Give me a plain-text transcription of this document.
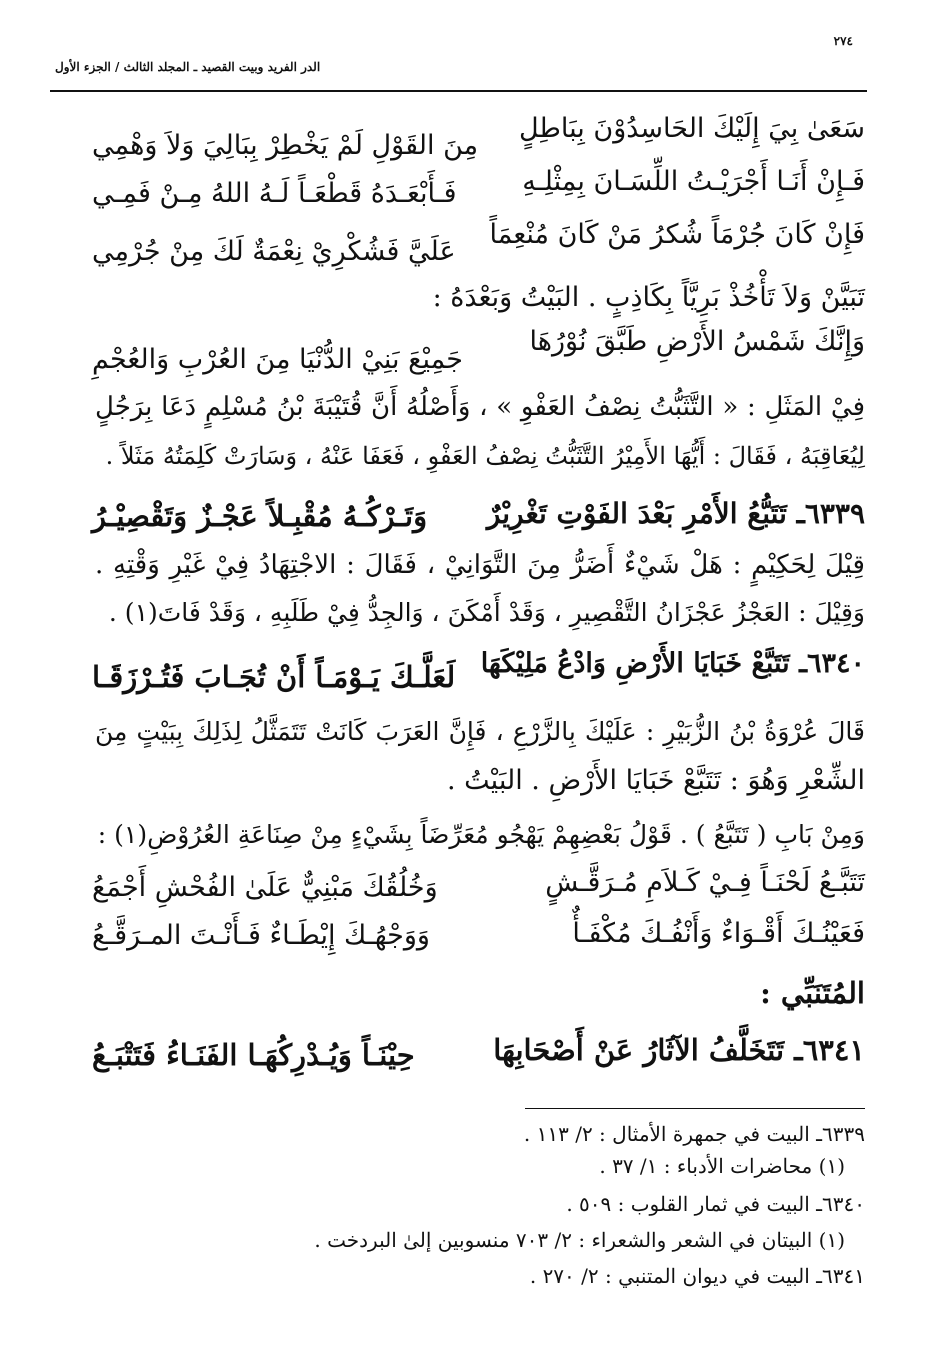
٢٧٤
الدر الفريد وبيت القصيد ـ المجلد الثالث / الجزء الأول
سَعَىٰ بِيَ إِلَيْكَ الحَاسِدُوْنَ بِبَاطِلٍ
مِنَ القَوْلِ لَمْ يَخْطِرْ بِبَالِيَ وَلاَ وَهْمِي
فَـإِنْ أَنَـا أَجْرَيْـتُ اللِّسَـانَ بِمِثْلِـهِ
فَـأَبْعَـدَهُ قَطْعَـاً لَـهُ اللهُ مِـنْ فَمِـي
فَإِنْ كَانَ جُرْمَاً شُكرُ مَنْ كَانَ مُنْعِمَاً
عَلَيَّ فَشُكْرِيْ نِعْمَةٌ لَكَ مِنْ جُرْمِي
تَبَيَّنْ وَلاَ تَأْخُذْ بَرِيَّاً بِكَاذِبٍ . البَيْتُ وَبَعْدَهُ :
وَإِنَّكَ شَمْسُ الأَرْضِ طَبَّقَ نُوْرُهَا
جَمِيْعَ بَنِيْ الدُّنْيَا مِنَ العُرْبِ وَالعُجْمِ
فِيْ المَثَلِ : « التَّثَبُّتُ نِصْفُ العَفْوِ » ، وَأَصْلُهُ أَنَّ قُتَيْبَةَ بْنُ مُسْلِمٍ دَعَا بِرَجُلٍ
لِيُعَاقِبَهُ ، فَقَالَ : أَيُّهَا الأَمِيْرُ التَّثَبُّتُ نِصْفُ العَفْوِ ، فَعَفَا عَنْهُ ، وَسَارَتْ كَلِمَتُهُ مَثَلاً .
٦٣٣٩ـ تَتَبُّعُ الأَمْرِ بَعْدَ الفَوْتِ تَغْرِيْرٌ
وَتَـرْكُـهُ مُقْبِـلاً عَجْـزٌ وَتَقْصِيْـرُ
قِيْلَ لِحَكِيْمٍ : هَلْ شَيْءٌ أَضَرُّ مِنَ التَّوَانِيْ ، فَقَالَ : الاجْتِهَادُ فِيْ غَيْرِ وَقْتِهِ .
وَقِيْلَ : العَجْزُ عَجْزَانُ التَّقْصِيرِ ، وَقَدْ أَمْكَنَ ، وَالجِدُّ فِيْ طَلَبِهِ ، وَقَدْ فَاتَ(١) .
٦٣٤٠ـ تَتَبَّعْ خَبَايَا الأَرْضِ وَادْعُ مَلِيْكَهَا
لَعَلَّـكَ يَـوْمَـاً أَنْ تُجَـابَ فَتُـرْزَقَـا
قَالَ عُرْوَةُ بْنُ الزُّبَيْرِ : عَلَيْكَ بِالزَّرْعِ ، فَإِنَّ العَرَبَ كَانَتْ تَتَمَثَّلُ لِذَلِكَ بِبَيْتٍ مِنَ
الشِّعْرِ وَهُوَ : تَتَبَّعْ خَبَايَا الأَرْضِ . البَيْتُ .
وَمِنْ بَابِ ( تَتَبَّعُ ) . قَوْلُ بَعْضِهِمْ يَهْجُو مُعَرِّضَاً بِشَيْءٍ مِنْ صِنَاعَةِ العُرُوْضِ(١) :
تَتَبَّـعُ لَحْنَـاً فِـيْ كَـلاَمِ مُـرَقَّـشٍ
وَخُلُقُكَ مَبْنِيٌّ عَلَىٰ الفُحْشِ أَجْمَعُ
فَعَيْنُـكَ أَقْـوَاءٌ وَأَنْفُـكَ مُكْفَـأٌ
وَوَجْهُـكَ إِيْطَـاءٌ فَـأَنْـتَ المـرَقَّـعُ
المُتَنَبِّي :
٦٣٤١ـ تَتَخَلَّفُ الآثَارُ عَنْ أَصْحَابِهَا
حِيْنَـاً وَيُـدْرِكُهَـا الفَنَـاءُ فَتَتْبَـعُ
٦٣٣٩ـ البيت في جمهرة الأمثال : ٢/ ١١٣ .
(١) محاضرات الأدباء : ١/ ٣٧ .
٦٣٤٠ـ البيت في ثمار القلوب : ٥٠٩ .
(١) البيتان في الشعر والشعراء : ٢/ ٧٠٣ منسوبين إلىٰ البردخت .
٦٣٤١ـ البيت في ديوان المتنبي : ٢/ ٢٧٠ .
